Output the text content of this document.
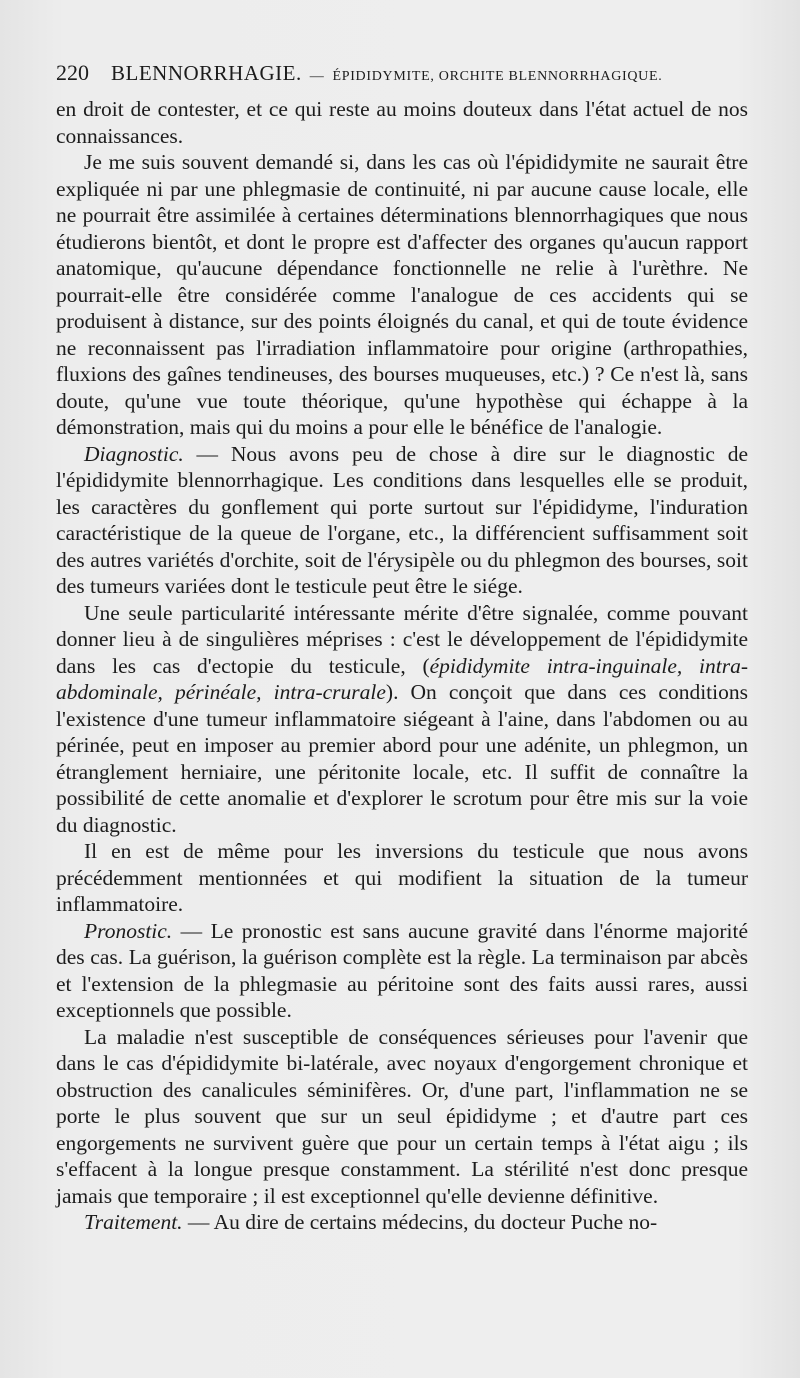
220 BLENNORRHAGIE. — ÉPIDIDYMITE, ORCHITE BLENNORRHAGIQUE.

en droit de contester, et ce qui reste au moins douteux dans l'état actuel de nos connaissances.

Je me suis souvent demandé si, dans les cas où l'épididymite ne saurait être expliquée ni par une phlegmasie de continuité, ni par aucune cause locale, elle ne pourrait être assimilée à certaines déterminations blennorrhagiques que nous étudierons bientôt, et dont le propre est d'affecter des organes qu'aucun rapport anatomique, qu'aucune dépendance fonctionnelle ne relie à l'urèthre. Ne pourrait-elle être considérée comme l'analogue de ces accidents qui se produisent à distance, sur des points éloignés du canal, et qui de toute évidence ne reconnaissent pas l'irradiation inflammatoire pour origine (arthropathies, fluxions des gaînes tendineuses, des bourses muqueuses, etc.) ? Ce n'est là, sans doute, qu'une vue toute théorique, qu'une hypothèse qui échappe à la démonstration, mais qui du moins a pour elle le bénéfice de l'analogie.

Diagnostic. — Nous avons peu de chose à dire sur le diagnostic de l'épididymite blennorrhagique. Les conditions dans lesquelles elle se produit, les caractères du gonflement qui porte surtout sur l'épididyme, l'induration caractéristique de la queue de l'organe, etc., la différencient suffisamment soit des autres variétés d'orchite, soit de l'érysipèle ou du phlegmon des bourses, soit des tumeurs variées dont le testicule peut être le siége.

Une seule particularité intéressante mérite d'être signalée, comme pouvant donner lieu à de singulières méprises : c'est le développement de l'épididymite dans les cas d'ectopie du testicule, (épididymite intra-inguinale, intra-abdominale, périnéale, intra-crurale). On conçoit que dans ces conditions l'existence d'une tumeur inflammatoire siégeant à l'aine, dans l'abdomen ou au périnée, peut en imposer au premier abord pour une adénite, un phlegmon, un étranglement herniaire, une péritonite locale, etc. Il suffit de connaître la possibilité de cette anomalie et d'explorer le scrotum pour être mis sur la voie du diagnostic.

Il en est de même pour les inversions du testicule que nous avons précédemment mentionnées et qui modifient la situation de la tumeur inflammatoire.

Pronostic. — Le pronostic est sans aucune gravité dans l'énorme majorité des cas. La guérison, la guérison complète est la règle. La terminaison par abcès et l'extension de la phlegmasie au péritoine sont des faits aussi rares, aussi exceptionnels que possible.

La maladie n'est susceptible de conséquences sérieuses pour l'avenir que dans le cas d'épididymite bi-latérale, avec noyaux d'engorgement chronique et obstruction des canalicules séminifères. Or, d'une part, l'inflammation ne se porte le plus souvent que sur un seul épididyme ; et d'autre part ces engorgements ne survivent guère que pour un certain temps à l'état aigu ; ils s'effacent à la longue presque constamment. La stérilité n'est donc presque jamais que temporaire ; il est exceptionnel qu'elle devienne définitive.

Traitement. — Au dire de certains médecins, du docteur Puche no-
